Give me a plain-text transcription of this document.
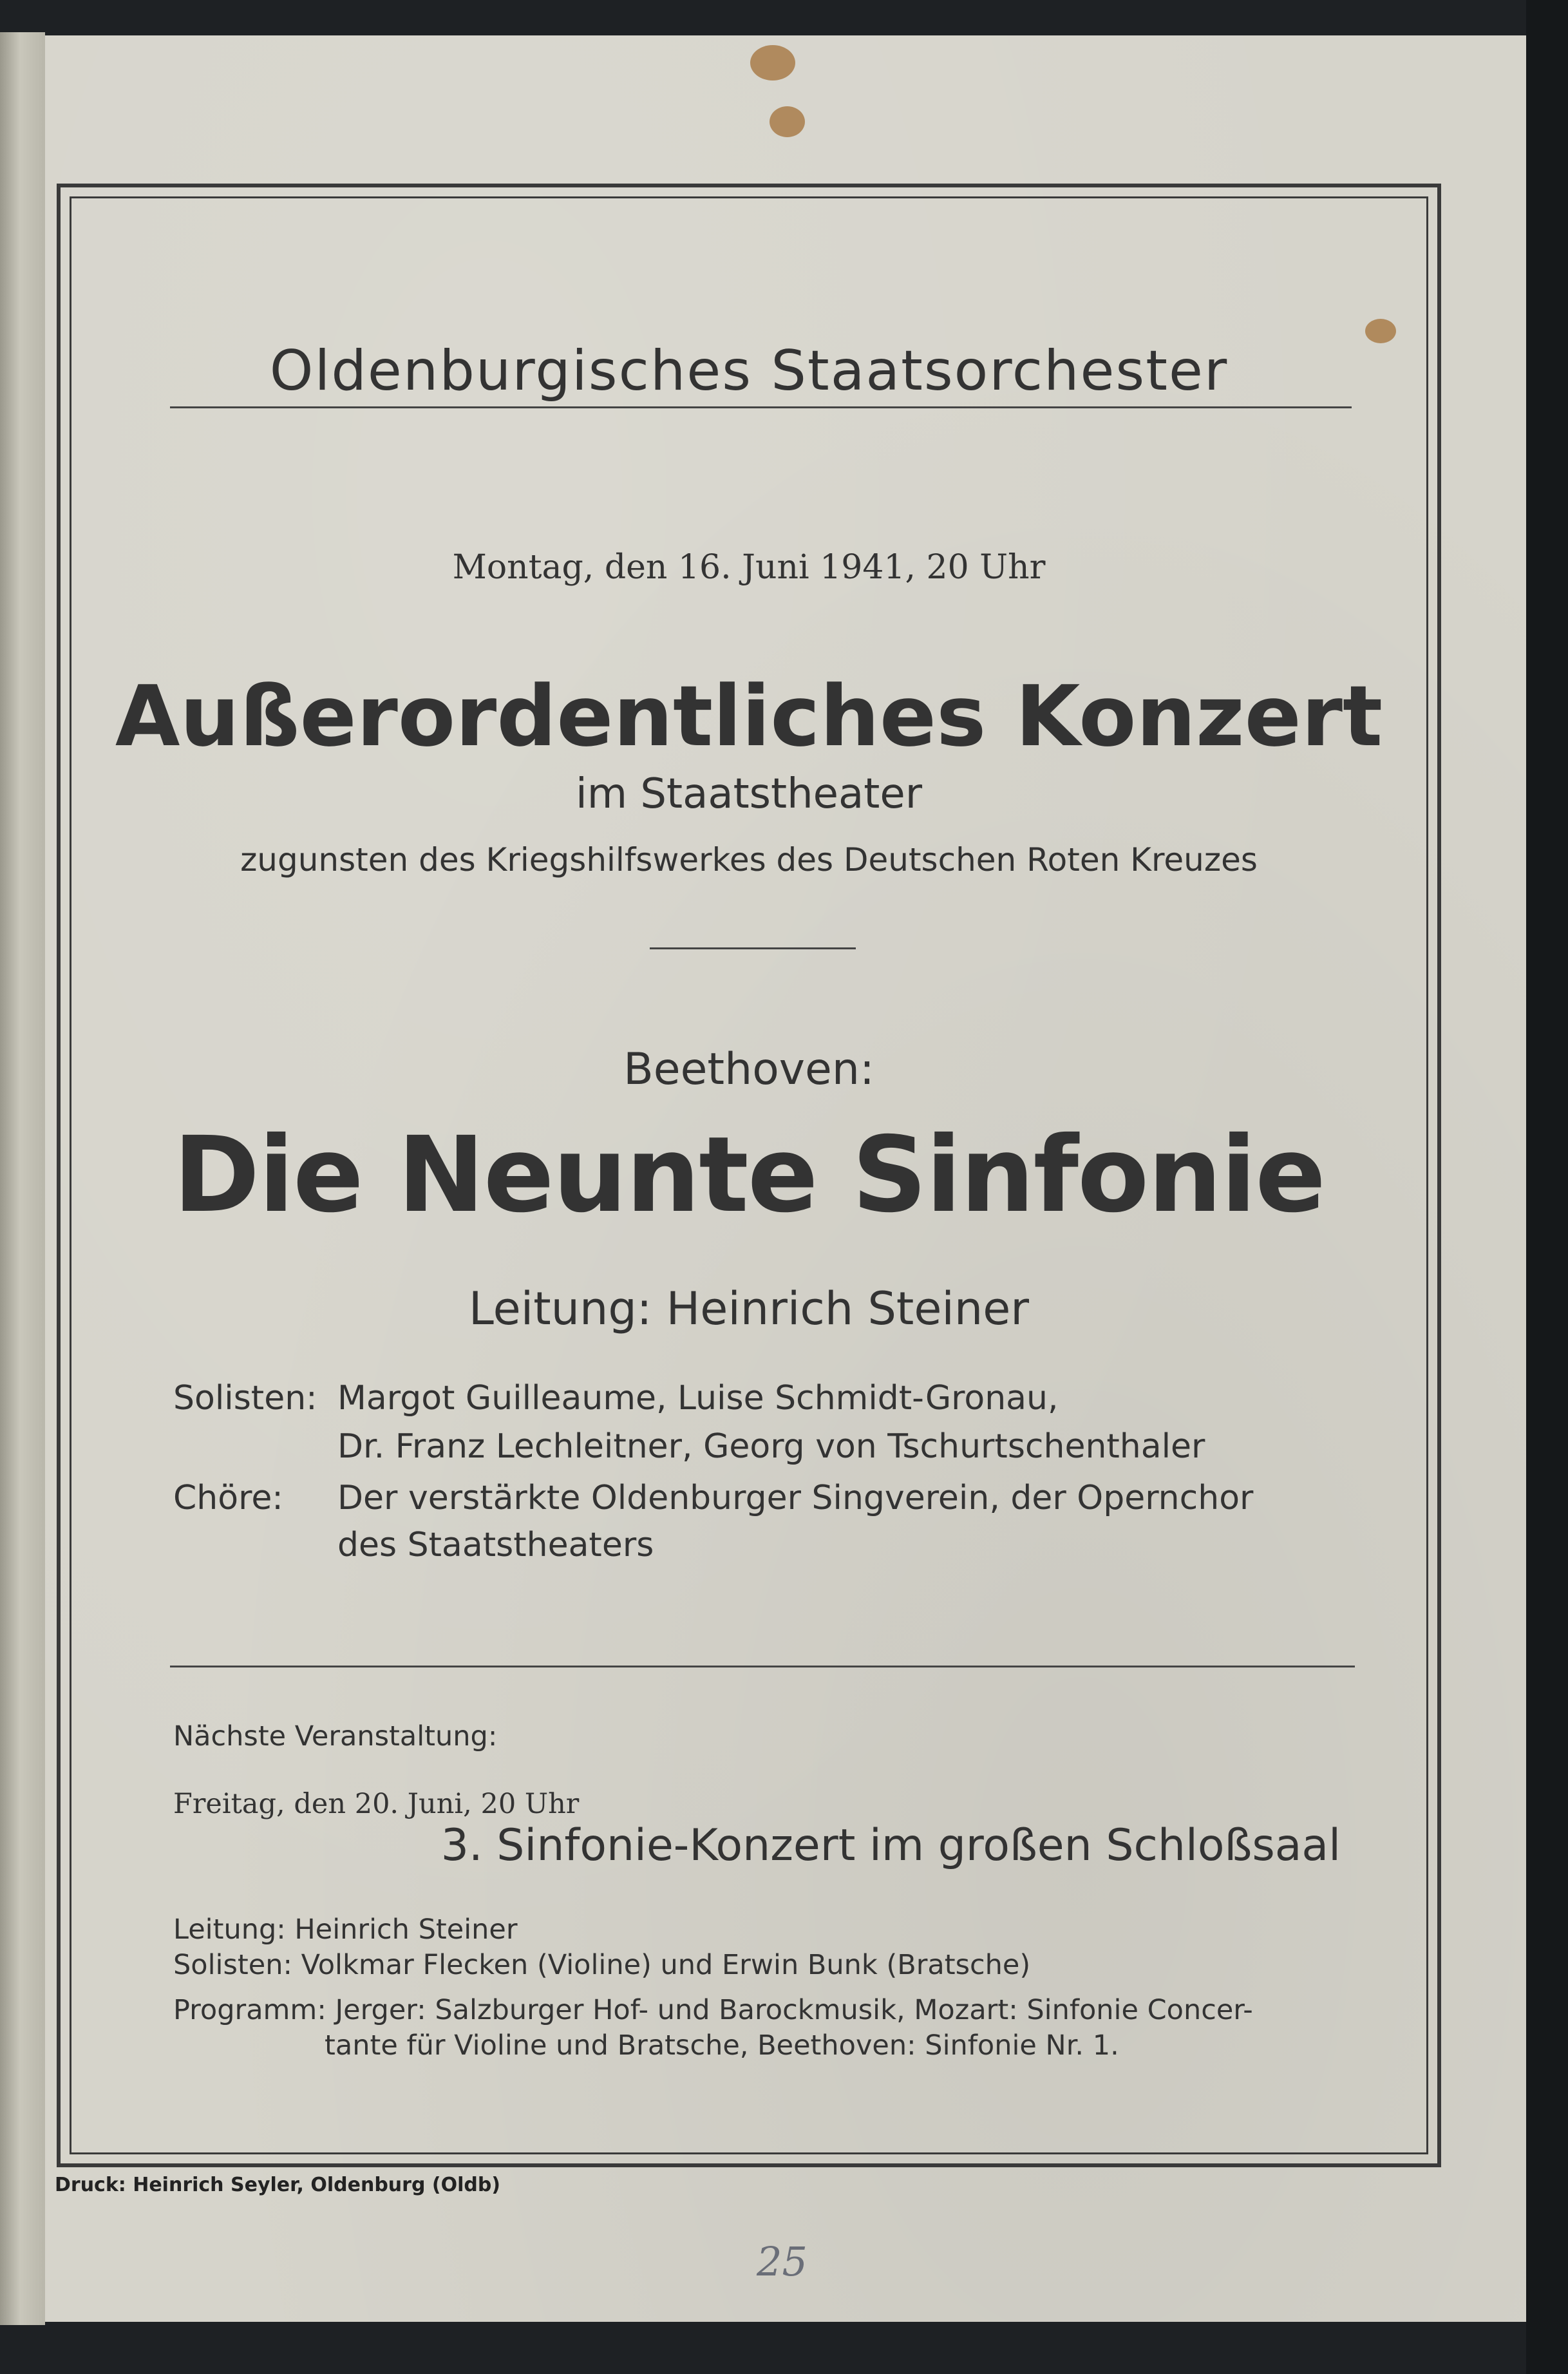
Oldenburgisches Staatsorchester
Montag, den 16. Juni 1941, 20 Uhr
Außerordentliches Konzert
im Staatstheater
zugunsten des Kriegshilfswerkes des Deutschen Roten Kreuzes
Beethoven:
Die Neunte Sinfonie
Leitung: Heinrich Steiner
Solisten: Margot Guilleaume, Luise Schmidt-Gronau,
Dr. Franz Lechleitner, Georg von Tschurtschenthaler
Chöre: Der verstärkte Oldenburger Singverein, der Opernchor
des Staatstheaters
Nächste Veranstaltung:
Freitag, den 20. Juni, 20 Uhr
3. Sinfonie-Konzert im großen Schloßsaal
Leitung: Heinrich Steiner
Solisten: Volkmar Flecken (Violine) und Erwin Bunk (Bratsche)
Programm: Jerger: Salzburger Hof- und Barockmusik, Mozart: Sinfonie Concer-
tante für Violine und Bratsche, Beethoven: Sinfonie Nr. 1.
Druck: Heinrich Seyler, Oldenburg (Oldb)
25
